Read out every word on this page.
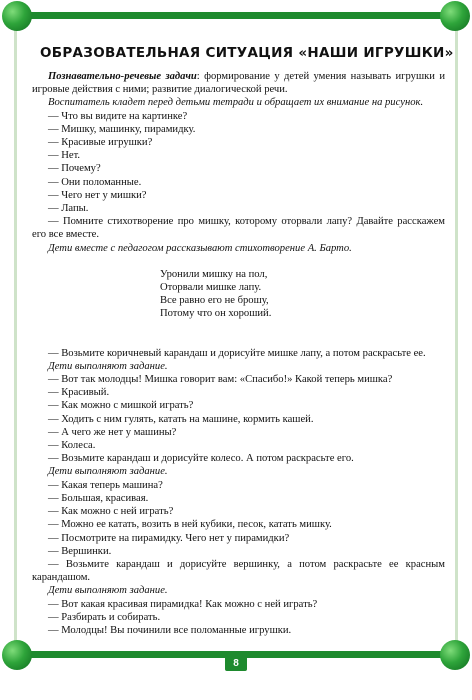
ОБРАЗОВАТЕЛЬНАЯ СИТУАЦИЯ «НАШИ ИГРУШКИ»

Познавательно-речевые задачи: формирование у детей умения называть игрушки и игровые действия с ними; развитие диалогической речи.

Воспитатель кладет перед детьми тетради и обращает их внимание на рисунок.

— Что вы видите на картинке?

— Мишку, машинку, пирамидку.

— Красивые игрушки?

— Нет.

— Почему?

— Они поломанные.

— Чего нет у мишки?

— Лапы.

— Помните стихотворение про мишку, которому оторвали лапу? Давайте расскажем его все вместе.

Дети вместе с педагогом рассказывают стихотворение А. Барто.

Уронили мишку на пол,

Оторвали мишке лапу.

Все равно его не брошу,

Потому что он хороший.

— Возьмите коричневый карандаш и дорисуйте мишке лапу, а потом раскрасьте ее.

Дети выполняют задание.

— Вот так молодцы! Мишка говорит вам: «Спасибо!» Какой теперь мишка?

— Красивый.

— Как можно с мишкой играть?

— Ходить с ним гулять, катать на машине, кормить кашей.

— А чего же нет у машины?

— Колеса.

— Возьмите карандаш и дорисуйте колесо. А потом раскрасьте его.

Дети выполняют задание.

— Какая теперь машина?

— Большая, красивая.

— Как можно с ней играть?

— Можно ее катать, возить в ней кубики, песок, катать мишку.

— Посмотрите на пирамидку. Чего нет у пирамидки?

— Вершинки.

— Возьмите карандаш и дорисуйте вершинку, а потом раскрасьте ее красным карандашом.

Дети выполняют задание.

— Вот какая красивая пирамидка! Как можно с ней играть?

— Разбирать и собирать.

— Молодцы! Вы починили все поломанные игрушки.

8
